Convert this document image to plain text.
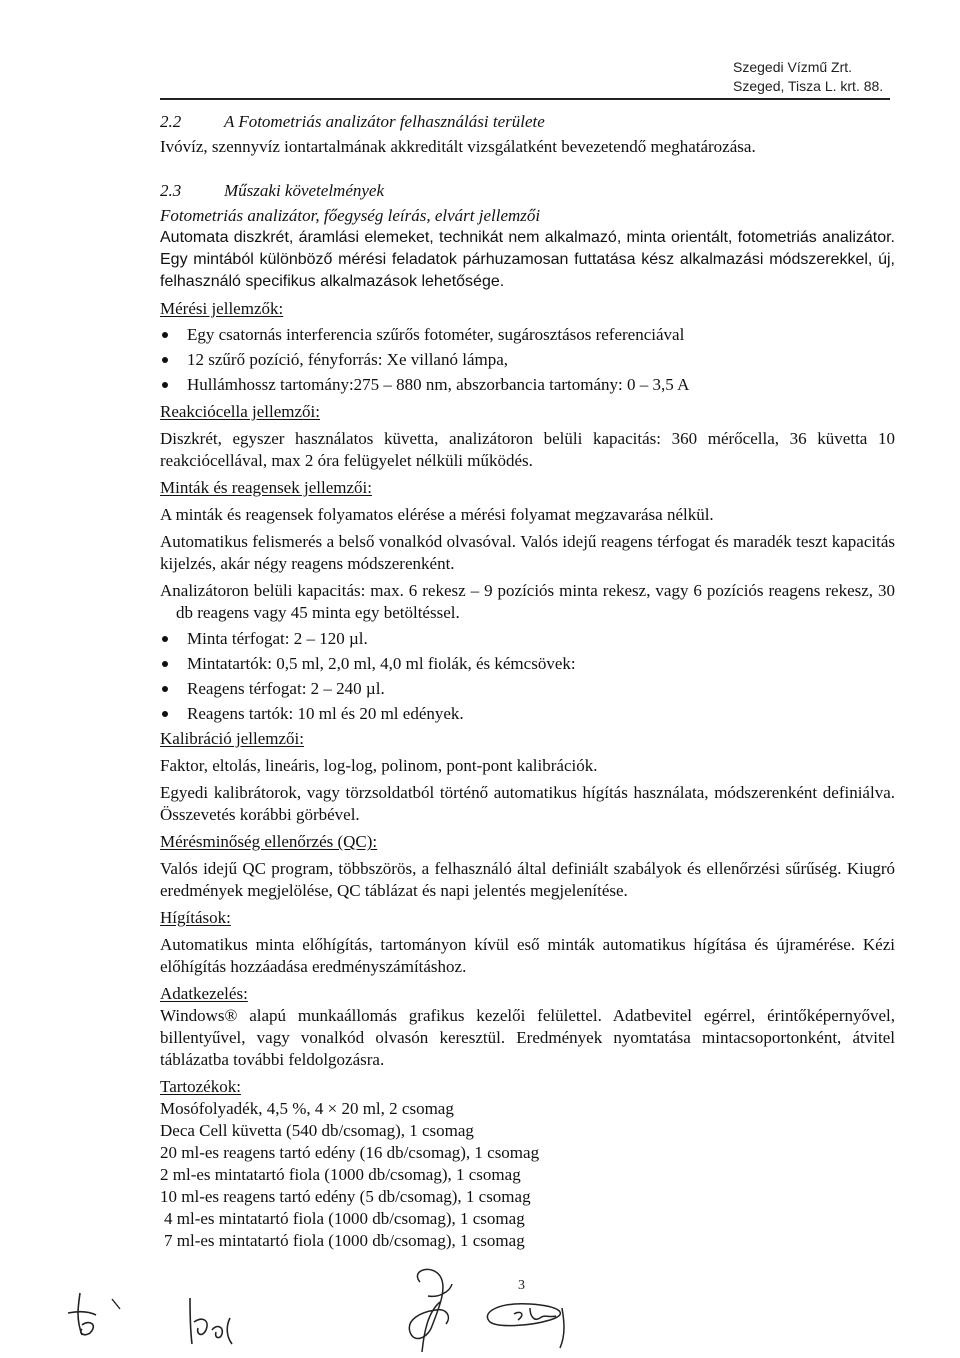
Szegedi Vízmű Zrt.
Szeged, Tisza L. krt. 88.

2.2	A Fotometriás analizátor felhasználási területe

Ivóvíz, szennyvíz iontartalmának akkreditált vizsgálatként bevezetendő meghatározása.

2.3	Műszaki követelmények

Fotometriás analizátor, főegység leírás, elvárt jellemzői

Automata diszkrét, áramlási elemeket, technikát nem alkalmazó, minta orientált, fotometriás analizátor. Egy mintából különböző mérési feladatok párhuzamosan futtatása kész alkalmazási módszerekkel, új, felhasználó specifikus alkalmazások lehetősége.

Mérési jellemzők:

Egy csatornás interferencia szűrős fotométer, sugárosztásos referenciával
12 szűrő pozíció, fényforrás: Xe villanó lámpa,
Hullámhossz tartomány:275 – 880 nm, abszorbancia tartomány: 0 – 3,5 A

Reakciócella jellemzői:

Diszkrét, egyszer használatos küvetta, analizátoron belüli kapacitás: 360 mérőcella, 36 küvetta 10 reakciócellával, max 2 óra felügyelet nélküli működés.

Minták és reagensek jellemzői:

A minták és reagensek folyamatos elérése a mérési folyamat megzavarása nélkül.

Automatikus felismerés a belső vonalkód olvasóval. Valós idejű reagens térfogat és maradék teszt kapacitás kijelzés, akár négy reagens módszerenként.

Analizátoron belüli kapacitás: max. 6 rekesz – 9 pozíciós minta rekesz, vagy 6 pozíciós reagens rekesz, 30 db reagens vagy 45 minta egy betöltéssel.

Minta térfogat: 2 – 120 µl.
Mintatartók: 0,5 ml, 2,0 ml, 4,0 ml fiolák, és kémcsövek:
Reagens térfogat: 2 – 240 µl.
Reagens tartók: 10 ml és 20 ml edények.

Kalibráció jellemzői:

Faktor, eltolás, lineáris, log-log, polinom, pont-pont kalibrációk.

Egyedi kalibrátorok, vagy törzsoldatból történő automatikus hígítás használata, módszerenként definiálva. Összevetés korábbi görbével.

Mérésminőség ellenőrzés (QC):

Valós idejű QC program, többszörös, a felhasználó által definiált szabályok és ellenőrzési sűrűség. Kiugró eredmények megjelölése, QC táblázat és napi jelentés megjelenítése.

Hígítások:

Automatikus minta előhígítás, tartományon kívül eső minták automatikus hígítása és újramérése. Kézi előhígítás hozzáadása eredményszámításhoz.

Adatkezelés:

Windows® alapú munkaállomás grafikus kezelői felülettel. Adatbevitel egérrel, érintőképernyővel, billentyűvel, vagy vonalkód olvasón keresztül. Eredmények nyomtatása mintacsoportonként, átvitel táblázatba további feldolgozásra.

Tartozékok:

Mosófolyadék, 4,5 %, 4 × 20 ml, 2 csomag

Deca Cell küvetta (540 db/csomag), 1 csomag

20 ml-es reagens tartó edény (16 db/csomag), 1 csomag

2 ml-es mintatartó fiola (1000 db/csomag), 1 csomag

10 ml-es reagens tartó edény (5 db/csomag), 1 csomag

4 ml-es mintatartó fiola (1000 db/csomag), 1 csomag

7 ml-es mintatartó fiola (1000 db/csomag), 1 csomag

3
